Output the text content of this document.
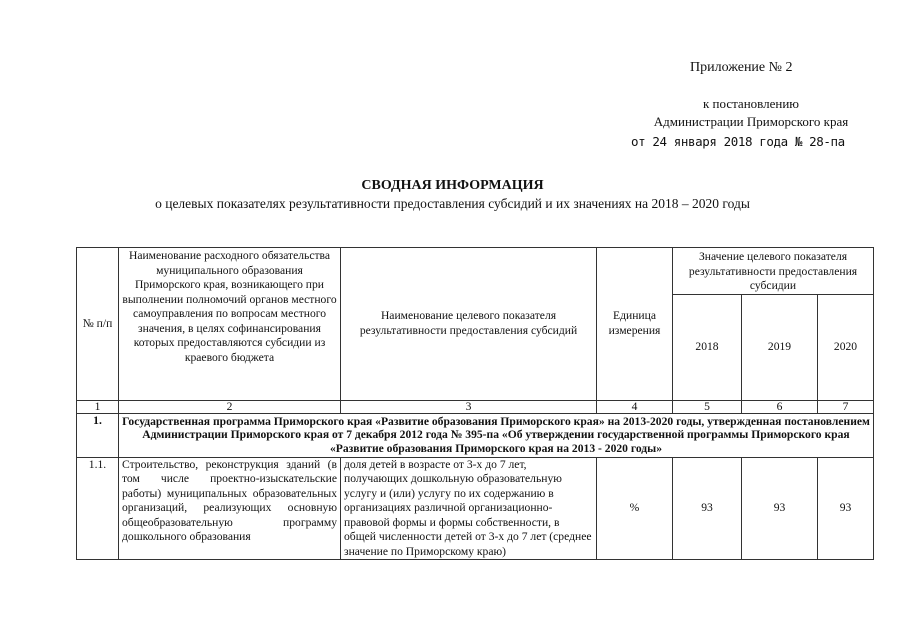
Приложение № 2
к постановлению
Администрации Приморского края
от 24 января 2018 года № 28-па
СВОДНАЯ ИНФОРМАЦИЯ
о целевых показателях результативности предоставления субсидий и их значениях на 2018 – 2020 годы
№ п/п	Наименование расходного обязательства муниципального образования Приморского края, возникающего при выполнении полномочий органов местного самоуправления по вопросам местного значения, в целях софинансирования которых предоставляются субсидии из краевого бюджета	Наименование целевого показателя результативности предоставления субсидий	Единица измерения	Значение целевого показателя результативности предоставления субсидии		
				2018	2019	2020
1	2	3	4	5	6	7
1.	Государственная программа Приморского края «Развитие образования Приморского края» на 2013-2020 годы, утвержденная постановлением Администрации Приморского края от 7 декабря 2012 года № 395-па «Об утверждении государственной программы Приморского края «Развитие образования Приморского края на 2013 - 2020 годы»					
1.1.	Строительство, реконструкция зданий (в том числе проектно-изыскательские работы) муниципальных образовательных организаций, реализующих основную общеобразовательную программу дошкольного образования	доля детей в возрасте от 3-х до 7 лет, получающих дошкольную образовательную услугу и (или) услугу по их содержанию в организациях различной организационно-правовой формы и формы собственности, в общей численности детей от 3-х до 7 лет (среднее значение по Приморскому краю)	%	93	93	93
